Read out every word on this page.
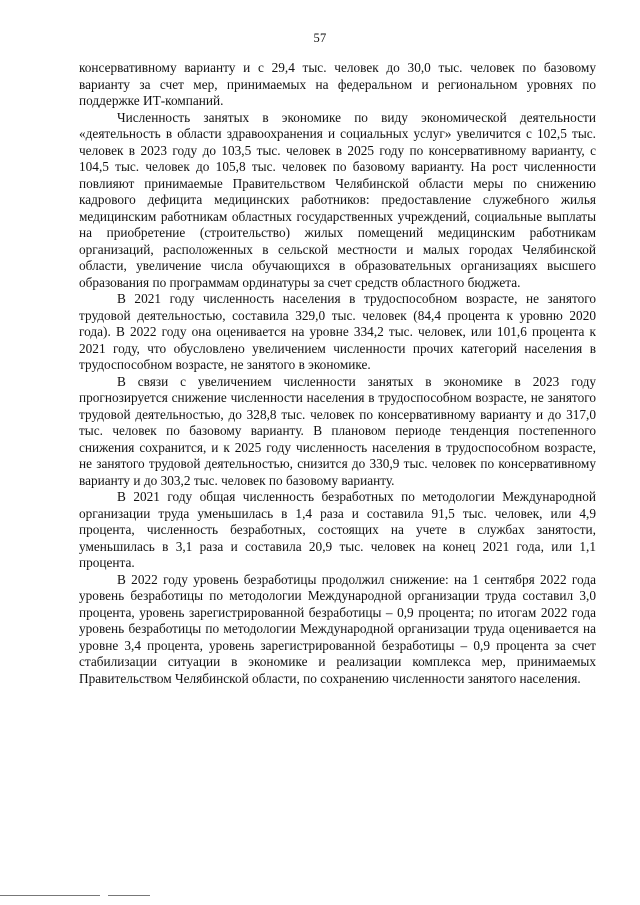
57

консервативному варианту и с 29,4 тыс. человек до 30,0 тыс. человек по базовому варианту за счет мер, принимаемых на федеральном и региональном уровнях по поддержке ИТ-компаний.

Численность занятых в экономике по виду экономической деятельности «деятельность в области здравоохранения и социальных услуг» увеличится с 102,5 тыс. человек в 2023 году до 103,5 тыс. человек в 2025 году по консервативному варианту, с 104,5 тыс. человек до 105,8 тыс. человек по базовому варианту. На рост численности повлияют принимаемые Правительством Челябинской области меры по снижению кадрового дефицита медицинских работников: предоставление служебного жилья медицинским работникам областных государственных учреждений, социальные выплаты на приобретение (строительство) жилых помещений медицинским работникам организаций, расположенных в сельской местности и малых городах Челябинской области, увеличение числа обучающихся в образовательных организациях высшего образования по программам ординатуры за счет средств областного бюджета.

В 2021 году численность населения в трудоспособном возрасте, не занятого трудовой деятельностью, составила 329,0 тыс. человек (84,4 процента к уровню 2020 года). В 2022 году она оценивается на уровне 334,2 тыс. человек, или 101,6 процента к 2021 году, что обусловлено увеличением численности прочих категорий населения в трудоспособном возрасте, не занятого в экономике.

В связи с увеличением численности занятых в экономике в 2023 году прогнозируется снижение численности населения в трудоспособном возрасте, не занятого трудовой деятельностью, до 328,8 тыс. человек по консервативному варианту и до 317,0 тыс. человек по базовому варианту. В плановом периоде тенденция постепенного снижения сохранится, и к 2025 году численность населения в трудоспособном возрасте, не занятого трудовой деятельностью, снизится до 330,9 тыс. человек по консервативному варианту и до 303,2 тыс. человек по базовому варианту.

В 2021 году общая численность безработных по методологии Международной организации труда уменьшилась в 1,4 раза и составила 91,5 тыс. человек, или 4,9 процента, численность безработных, состоящих на учете в службах занятости, уменьшилась в 3,1 раза и составила 20,9 тыс. человек на конец 2021 года, или 1,1 процента.

В 2022 году уровень безработицы продолжил снижение: на 1 сентября 2022 года уровень безработицы по методологии Международной организации труда составил 3,0 процента, уровень зарегистрированной безработицы – 0,9 процента; по итогам 2022 года уровень безработицы по методологии Международной организации труда оценивается на уровне 3,4 процента, уровень зарегистрированной безработицы – 0,9 процента за счет стабилизации ситуации в экономике и реализации комплекса мер, принимаемых Правительством Челябинской области, по сохранению численности занятого населения.
